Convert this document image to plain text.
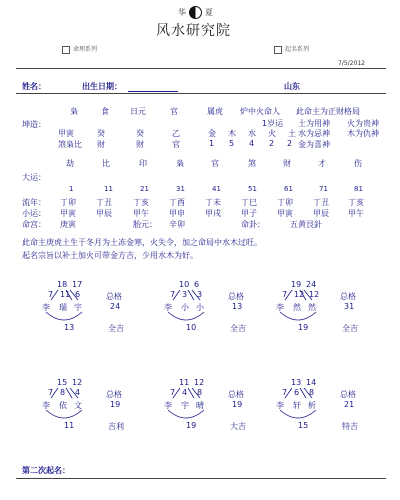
华 夏
命理系列
风水研究院
起名系列
7/5/2012
姓名：	出生日期：	山东
枭	食	日元	官	属虎 炉中火命人 此命主为正财格局
坤造：	1岁运 土为用神 火为贵神
甲寅	癸	癸	乙	金 木 水 火 土 水为忌神 木为仇神
煞枭比 财	财	官	1 5 4 2 2 金为喜神
劫	比	印	枭	官	煞	财	才	伤
大运：
1	11	21	31	41	51	61	71	81
流年： 丁卯	丁丑	丁亥	丁酉	丁未	丁巳	丁卯	丁丑 丁亥
小运： 甲寅	甲辰	甲午	甲申	甲戌	甲子	甲寅	甲辰 甲午
命宫： 庚寅	胎元： 辛卯	命卦：	五黄艮針
此命主庚虎土生于冬月为土冻金寒，火失令，加之命局中水木过旺。
起名宗旨以补土加火可带金方吉，少用水木为好。
18 17
7 11 6
李 瑞 宇
总格
24
13	全吉
10 6
7 3 3
李 小 小
总格
13
10	全吉
19 24
7 12 12
李 然 然
总格
31
19	全吉
15 12
7 8 4
李 依 文
总格
19
11	吉利
11 12
7 4 8
李 宇 晴
总格
19
19	大吉
13 14
7 6 8
李 轩 析
总格
21
15	特吉
第二次起名：
